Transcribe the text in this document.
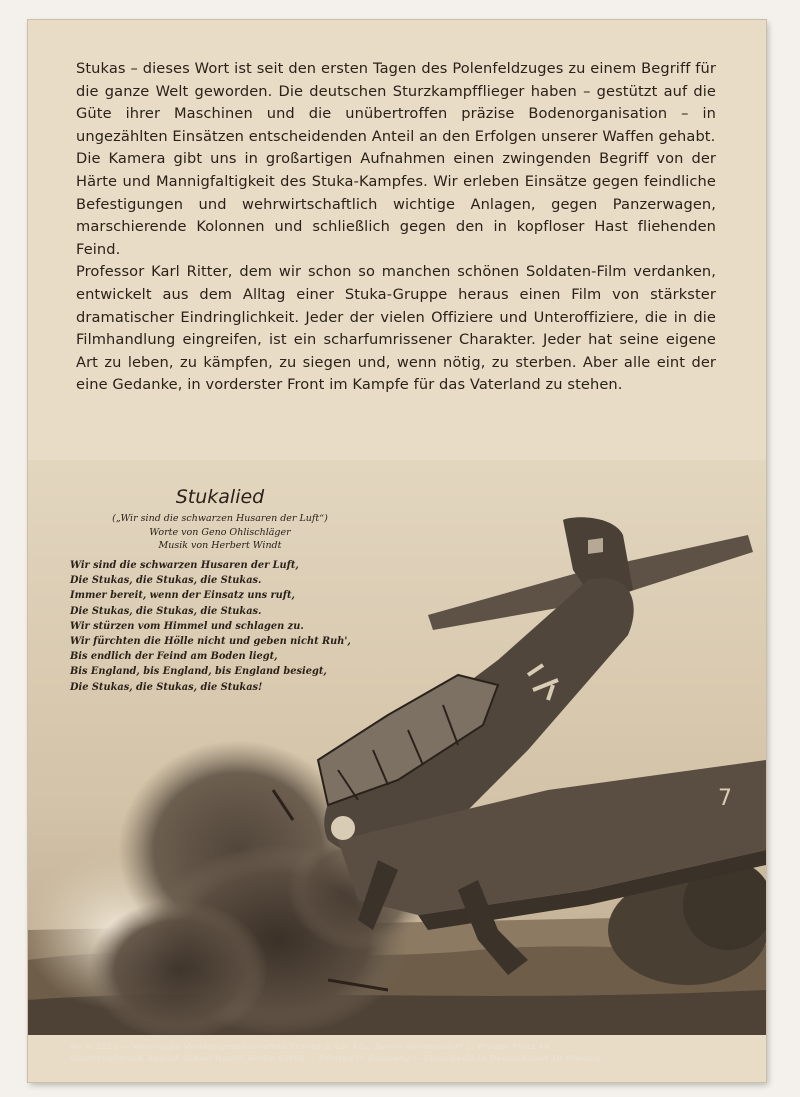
Stukas – dieses Wort ist seit den ersten Tagen des Polenfeldzuges zu einem Begriff für die ganze Welt geworden. Die deutschen Sturzkampfflieger haben – gestützt auf die Güte ihrer Maschinen und die unübertroffen präzise Bodenorganisation – in ungezählten Einsätzen entscheidenden Anteil an den Erfolgen unserer Waffen gehabt.

Die Kamera gibt uns in großartigen Aufnahmen einen zwingenden Begriff von der Härte und Mannigfaltigkeit des Stuka-Kampfes. Wir erleben Einsätze gegen feindliche Befestigungen und wehrwirtschaftlich wichtige Anlagen, gegen Panzerwagen, marschierende Kolonnen und schließlich gegen den in kopfloser Hast fliehenden Feind.

Professor Karl Ritter, dem wir schon so manchen schönen Soldaten-Film verdanken, entwickelt aus dem Alltag einer Stuka-Gruppe heraus einen Film von stärkster dramatischer Eindringlichkeit. Jeder der vielen Offiziere und Unteroffiziere, die in die Filmhandlung eingreifen, ist ein scharfumrissener Charakter. Jeder hat seine eigene Art zu leben, zu kämpfen, zu siegen und, wenn nötig, zu sterben. Aber alle eint der eine Gedanke, in vorderster Front im Kampfe für das Vaterland zu stehen.

7
Stukalied
(„Wir sind die schwarzen Husaren der Luft“)
Worte von Geno Ohlischläger
Musik von Herbert Windt
Wir sind die schwarzen Husaren der Luft,
Die Stukas, die Stukas, die Stukas.
Immer bereit, wenn der Einsatz uns ruft,
Die Stukas, die Stukas, die Stukas.
Wir stürzen vom Himmel und schlagen zu.
Wir fürchten die Hölle nicht und geben nicht Ruh',
Bis endlich der Feind am Boden liegt,
Bis England, bis England, bis England besiegt,
Die Stukas, die Stukas, die Stukas!
Nr. K 3212 — Vereinigte Verlagsgesellschaften Franke & Co. KG., Berlin-Wilmersdorf 1, Prager Platz 4a
Kupfertiefdruck August Scherl Nachf. Berlin SW68 — Printed in Germany — Einzelpreis in Deutschland 10 Pfennig
